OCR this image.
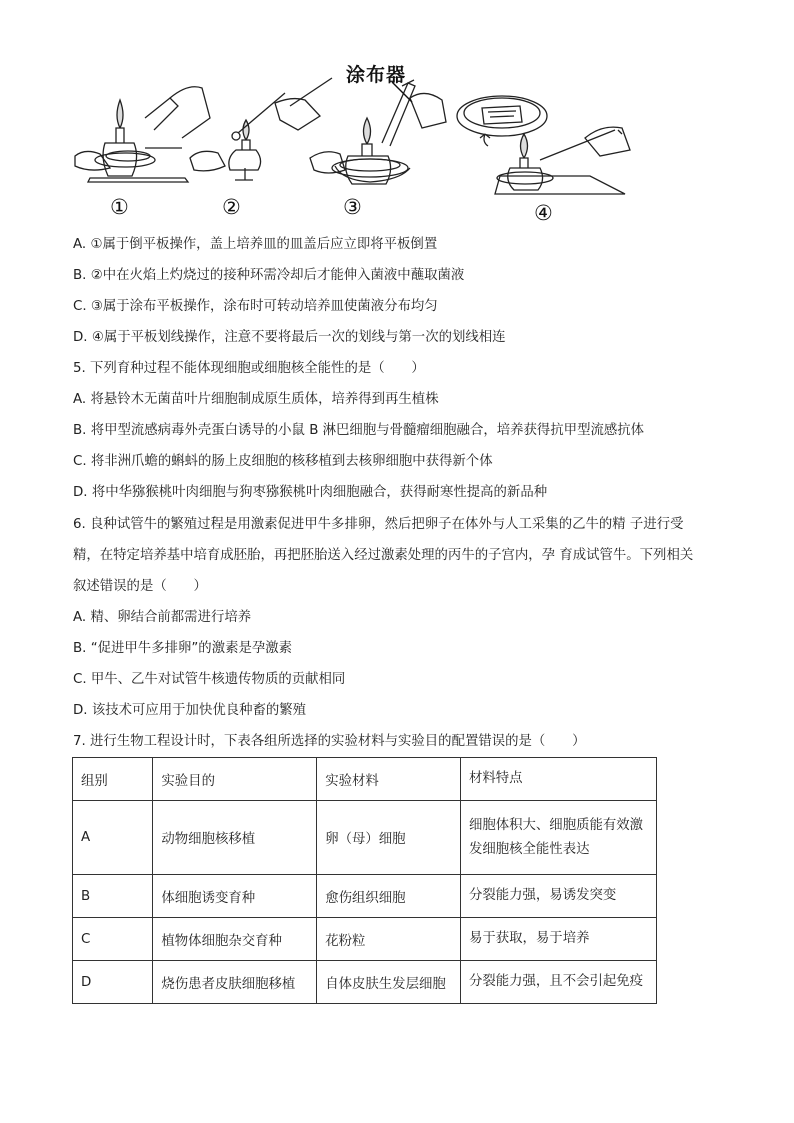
涂布器
①	②	③	④
A. ①属于倒平板操作，盖上培养皿的皿盖后应立即将平板倒置
B. ②中在火焰上灼烧过的接种环需冷却后才能伸入菌液中蘸取菌液
C. ③属于涂布平板操作，涂布时可转动培养皿使菌液分布均匀
D. ④属于平板划线操作，注意不要将最后一次的划线与第一次的划线相连
5. 下列育种过程不能体现细胞或细胞核全能性的是（　　）
A. 将悬铃木无菌苗叶片细胞制成原生质体，培养得到再生植株
B. 将甲型流感病毒外壳蛋白诱导的小鼠 B 淋巴细胞与骨髓瘤细胞融合，培养获得抗甲型流感抗体
C. 将非洲爪蟾的蝌蚪的肠上皮细胞的核移植到去核卵细胞中获得新个体
D. 将中华猕猴桃叶肉细胞与狗枣猕猴桃叶肉细胞融合，获得耐寒性提高的新品种
6. 良种试管牛的繁殖过程是用激素促进甲牛多排卵，然后把卵子在体外与人工采集的乙牛的精 子进行受
精，在特定培养基中培育成胚胎，再把胚胎送入经过激素处理的丙牛的子宫内，孕 育成试管牛。下列相关
叙述错误的是（　　）
A. 精、卵结合前都需进行培养
B. “促进甲牛多排卵”的激素是孕激素
C. 甲牛、乙牛对试管牛核遗传物质的贡献相同
D. 该技术可应用于加快优良种畜的繁殖
7. 进行生物工程设计时，下表各组所选择的实验材料与实验目的配置错误的是（　　）
组别	实验目的	实验材料	材料特点
A	动物细胞核移植	卵（母）细胞	细胞体积大、细胞质能有效激发细胞核全能性表达
B	体细胞诱变育种	愈伤组织细胞	分裂能力强，易诱发突变
C	植物体细胞杂交育种	花粉粒	易于获取，易于培养
D	烧伤患者皮肤细胞移植	自体皮肤生发层细胞	分裂能力强，且不会引起免疫
